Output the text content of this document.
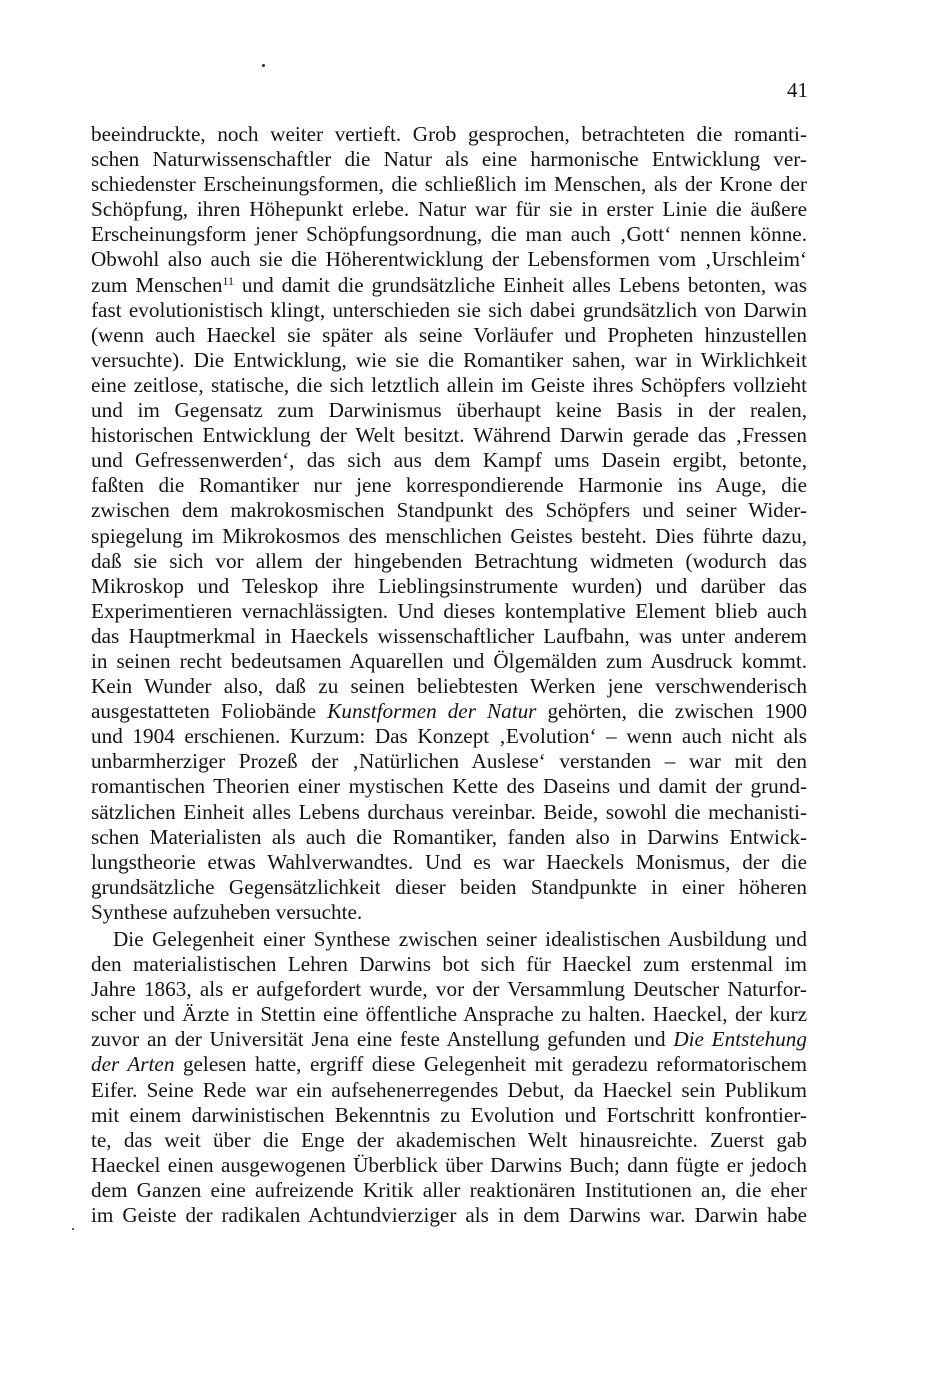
41
beeindruckte, noch weiter vertieft. Grob gesprochen, betrachteten die romanti-
schen Naturwissenschaftler die Natur als eine harmonische Entwicklung ver-
schiedenster Erscheinungsformen, die schließlich im Menschen, als der Krone der
Schöpfung, ihren Höhepunkt erlebe. Natur war für sie in erster Linie die äußere
Erscheinungsform jener Schöpfungsordnung, die man auch ‚Gott‘ nennen könne.
Obwohl also auch sie die Höherentwicklung der Lebensformen vom ‚Urschleim‘
zum Menschen$^{11}$ und damit die grundsätzliche Einheit alles Lebens betonten, was
fast evolutionistisch klingt, unterschieden sie sich dabei grundsätzlich von Darwin
(wenn auch Haeckel sie später als seine Vorläufer und Propheten hinzustellen
versuchte). Die Entwicklung, wie sie die Romantiker sahen, war in Wirklichkeit
eine zeitlose, statische, die sich letztlich allein im Geiste ihres Schöpfers vollzieht
und im Gegensatz zum Darwinismus überhaupt keine Basis in der realen,
historischen Entwicklung der Welt besitzt. Während Darwin gerade das ‚Fressen
und Gefressenwerden‘, das sich aus dem Kampf ums Dasein ergibt, betonte,
faßten die Romantiker nur jene korrespondierende Harmonie ins Auge, die
zwischen dem makrokosmischen Standpunkt des Schöpfers und seiner Wider-
spiegelung im Mikrokosmos des menschlichen Geistes besteht. Dies führte dazu,
daß sie sich vor allem der hingebenden Betrachtung widmeten (wodurch das
Mikroskop und Teleskop ihre Lieblingsinstrumente wurden) und darüber das
Experimentieren vernachlässigten. Und dieses kontemplative Element blieb auch
das Hauptmerkmal in Haeckels wissenschaftlicher Laufbahn, was unter anderem
in seinen recht bedeutsamen Aquarellen und Ölgemälden zum Ausdruck kommt.
Kein Wunder also, daß zu seinen beliebtesten Werken jene verschwenderisch
ausgestatteten Foliobände Kunstformen der Natur gehörten, die zwischen 1900
und 1904 erschienen. Kurzum: Das Konzept ‚Evolution‘ – wenn auch nicht als
unbarmherziger Prozeß der ‚Natürlichen Auslese‘ verstanden – war mit den
romantischen Theorien einer mystischen Kette des Daseins und damit der grund-
sätzlichen Einheit alles Lebens durchaus vereinbar. Beide, sowohl die mechanisti-
schen Materialisten als auch die Romantiker, fanden also in Darwins Entwick-
lungstheorie etwas Wahlverwandtes. Und es war Haeckels Monismus, der die
grundsätzliche Gegensätzlichkeit dieser beiden Standpunkte in einer höheren
Synthese aufzuheben versuchte.
Die Gelegenheit einer Synthese zwischen seiner idealistischen Ausbildung und
den materialistischen Lehren Darwins bot sich für Haeckel zum erstenmal im
Jahre 1863, als er aufgefordert wurde, vor der Versammlung Deutscher Naturfor-
scher und Ärzte in Stettin eine öffentliche Ansprache zu halten. Haeckel, der kurz
zuvor an der Universität Jena eine feste Anstellung gefunden und Die Entstehung
der Arten gelesen hatte, ergriff diese Gelegenheit mit geradezu reformatorischem
Eifer. Seine Rede war ein aufsehenerregendes Debut, da Haeckel sein Publikum
mit einem darwinistischen Bekenntnis zu Evolution und Fortschritt konfrontier-
te, das weit über die Enge der akademischen Welt hinausreichte. Zuerst gab
Haeckel einen ausgewogenen Überblick über Darwins Buch; dann fügte er jedoch
dem Ganzen eine aufreizende Kritik aller reaktionären Institutionen an, die eher
im Geiste der radikalen Achtundvierziger als in dem Darwins war. Darwin habe
